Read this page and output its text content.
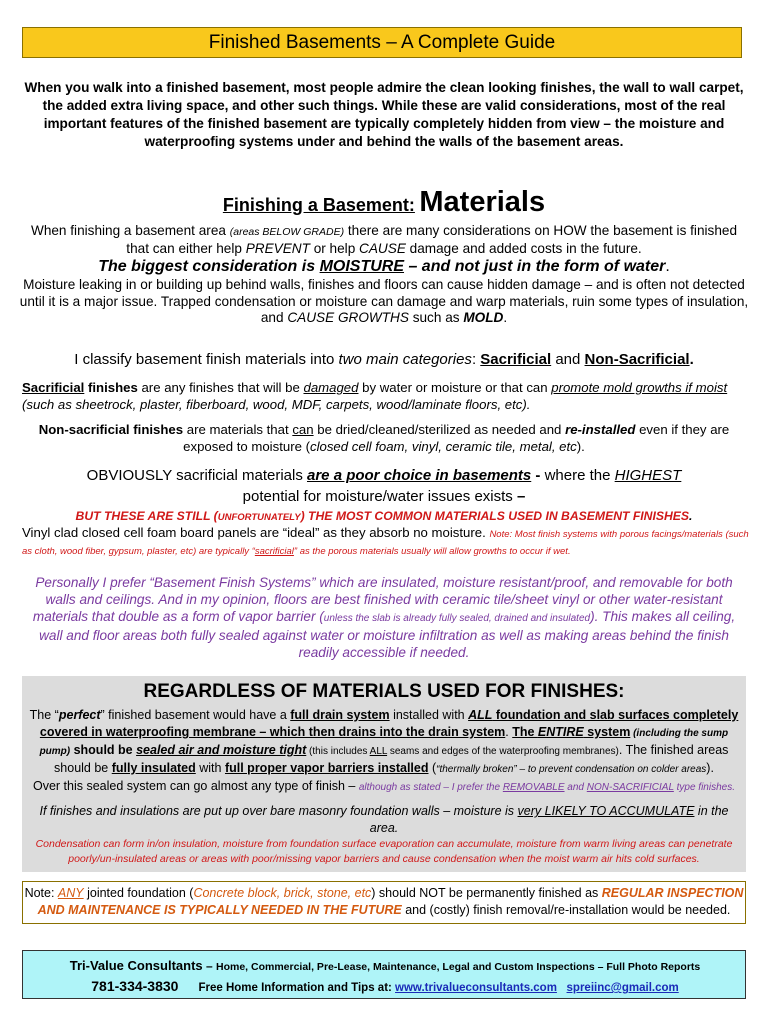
Finished Basements – A Complete Guide
When you walk into a finished basement, most people admire the clean looking finishes, the wall to wall carpet, the added extra living space, and other such things. While these are valid considerations, most of the real important features of the finished basement are typically completely hidden from view – the moisture and waterproofing systems under and behind the walls of the basement areas.
Finishing a Basement: Materials
When finishing a basement area (areas BELOW GRADE) there are many considerations on HOW the basement is finished that can either help PREVENT or help CAUSE damage and added costs in the future.
The biggest consideration is MOISTURE – and not just in the form of water.
Moisture leaking in or building up behind walls, finishes and floors can cause hidden damage – and is often not detected until it is a major issue. Trapped condensation or moisture can damage and warp materials, ruin some types of insulation, and CAUSE GROWTHS such as MOLD.
I classify basement finish materials into two main categories: Sacrificial and Non-Sacrificial.
Sacrificial finishes are any finishes that will be damaged by water or moisture or that can promote mold growths if moist (such as sheetrock, plaster, fiberboard, wood, MDF, carpets, wood/laminate floors, etc).
Non-sacrificial finishes are materials that can be dried/cleaned/sterilized as needed and re-installed even if they are exposed to moisture (closed cell foam, vinyl, ceramic tile, metal, etc).
OBVIOUSLY sacrificial materials are a poor choice in basements - where the HIGHEST
potential for moisture/water issues exists –
BUT THESE ARE STILL (UNFORTUNATELY) THE MOST COMMON MATERIALS USED IN BASEMENT FINISHES.
Vinyl clad closed cell foam board panels are “ideal” as they absorb no moisture. Note: Most finish systems with porous facings/materials (such as cloth, wood fiber, gypsum, plaster, etc) are typically “sacrificial” as the porous materials usually will allow growths to occur if wet.
Personally I prefer “Basement Finish Systems” which are insulated, moisture resistant/proof, and removable for both walls and ceilings. And in my opinion, floors are best finished with ceramic tile/sheet vinyl or other water-resistant materials that double as a form of vapor barrier (unless the slab is already fully sealed, drained and insulated). This makes all ceiling, wall and floor areas both fully sealed against water or moisture infiltration as well as making areas behind the finish readily accessible if needed.
REGARDLESS OF MATERIALS USED FOR FINISHES:
The “perfect” finished basement would have a full drain system installed with ALL foundation and slab surfaces completely covered in waterproofing membrane – which then drains into the drain system. The ENTIRE system (including the sump pump) should be sealed air and moisture tight (this includes ALL seams and edges of the waterproofing membranes). The finished areas should be fully insulated with full proper vapor barriers installed (“thermally broken” – to prevent condensation on colder areas).
Over this sealed system can go almost any type of finish – although as stated – I prefer the REMOVABLE and NON-SACRIFICIAL type finishes.
If finishes and insulations are put up over bare masonry foundation walls – moisture is very LIKELY TO ACCUMULATE in the area.
Condensation can form in/on insulation, moisture from foundation surface evaporation can accumulate, moisture from warm living areas can penetrate poorly/un-insulated areas or areas with poor/missing vapor barriers and cause condensation when the moist warm air hits cold surfaces.
Note: ANY jointed foundation (Concrete block, brick, stone, etc) should NOT be permanently finished as REGULAR INSPECTION AND MAINTENANCE IS TYPICALLY NEEDED IN THE FUTURE and (costly) finish removal/re-installation would be needed.
Tri-Value Consultants – Home, Commercial, Pre-Lease, Maintenance, Legal and Custom Inspections – Full Photo Reports
781-334-3830 Free Home Information and Tips at: www.trivalueconsultants.com spreiinc@gmail.com
